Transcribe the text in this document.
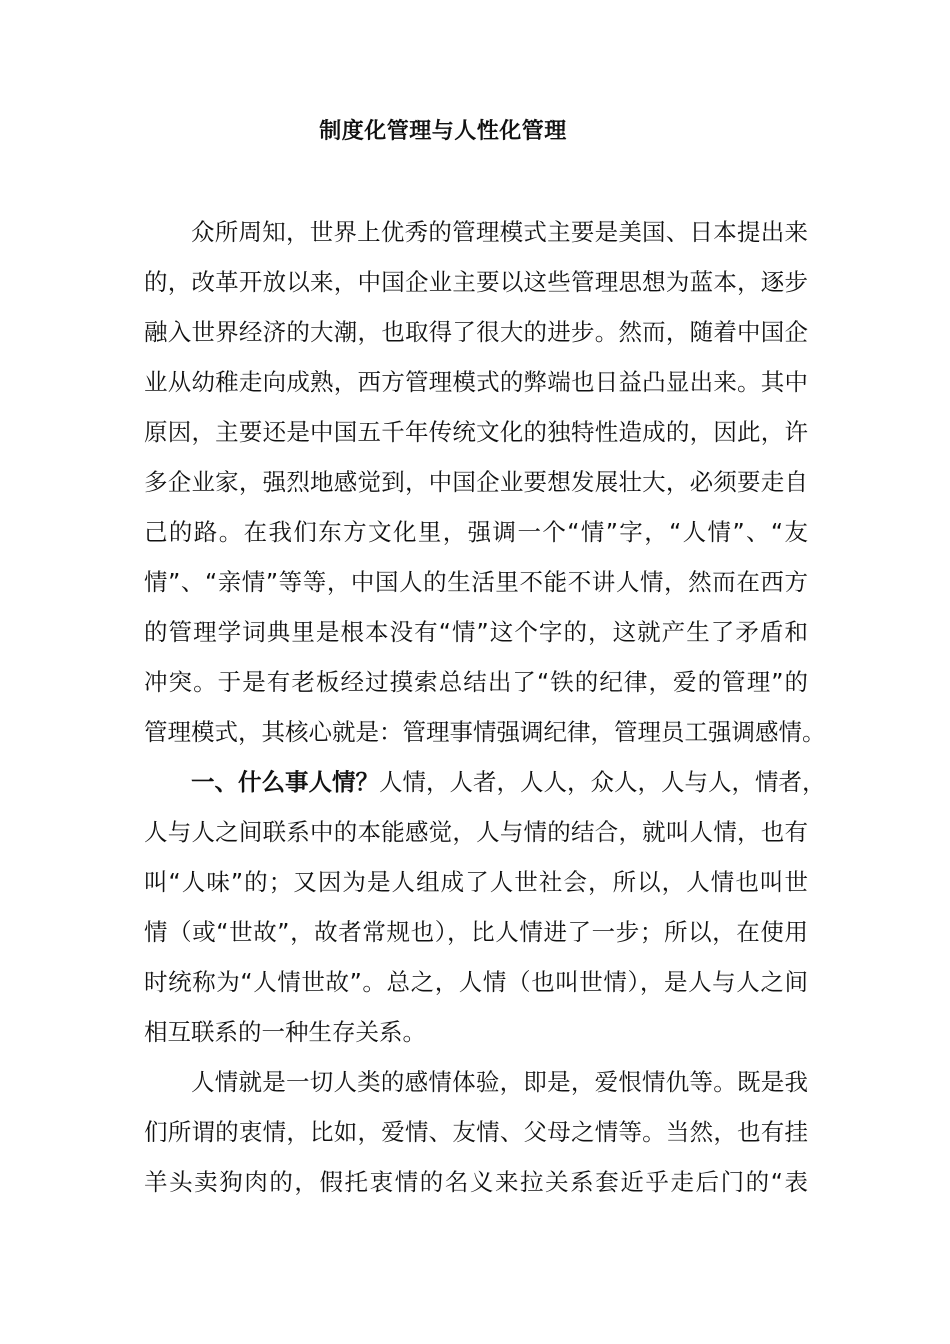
制度化管理与人性化管理
众所周知，世界上优秀的管理模式主要是美国、日本提出来
的，改革开放以来，中国企业主要以这些管理思想为蓝本，逐步
融入世界经济的大潮，也取得了很大的进步。然而，随着中国企
业从幼稚走向成熟，西方管理模式的弊端也日益凸显出来。其中
原因，主要还是中国五千年传统文化的独特性造成的，因此，许
多企业家，强烈地感觉到，中国企业要想发展壮大，必须要走自
己的路。在我们东方文化里，强调一个“情”字，“人情”、“友
情”、“亲情”等等，中国人的生活里不能不讲人情，然而在西方
的管理学词典里是根本没有“情”这个字的，这就产生了矛盾和
冲突。于是有老板经过摸索总结出了“铁的纪律，爱的管理”的
管理模式，其核心就是：管理事情强调纪律，管理员工强调感情。
一、什么事人情？人情，人者，人人，众人，人与人，情者，
人与人之间联系中的本能感觉，人与情的结合，就叫人情，也有
叫“人味”的；又因为是人组成了人世社会，所以，人情也叫世
情（或“世故”，故者常规也），比人情进了一步；所以，在使用
时统称为“人情世故”。总之，人情（也叫世情），是人与人之间
相互联系的一种生存关系。
人情就是一切人类的感情体验，即是，爱恨情仇等。既是我
们所谓的衷情，比如，爱情、友情、父母之情等。当然，也有挂
羊头卖狗肉的，假托衷情的名义来拉关系套近乎走后门的“表
